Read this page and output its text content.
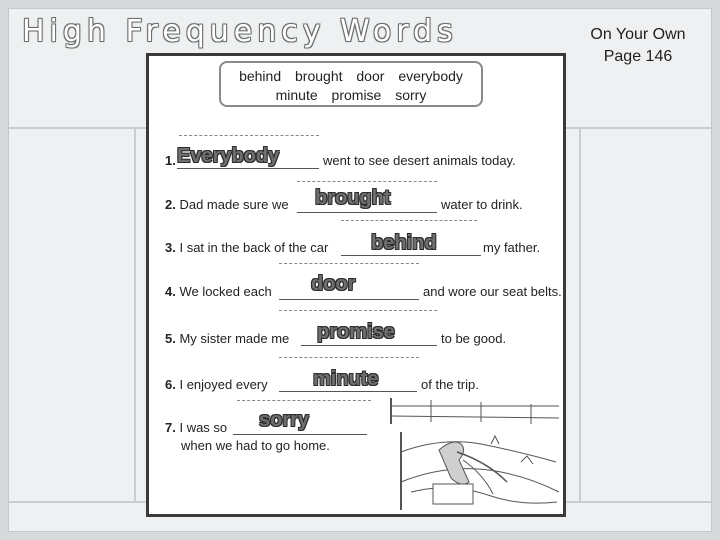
High Frequency Words	On Your Own
Page 146
behind brought door everybody
minute promise sorry
1. Everybody	went to see desert animals today.
2. Dad made sure we brought	water to drink.
3. I sat in the back of the car behind	my father.
4. We locked each door	and wore our seat belts.
5. My sister made me promise	to be good.
6. I enjoyed every minute	of the trip.
7. I was so sorry
when we had to go home.
